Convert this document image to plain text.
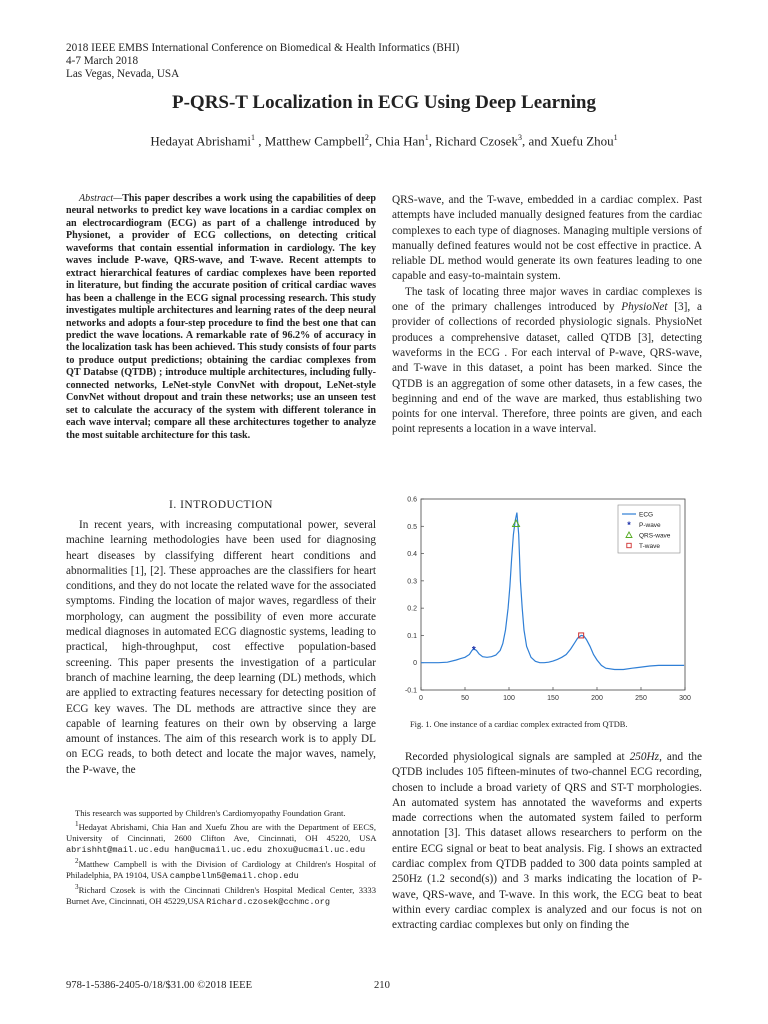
2018 IEEE EMBS International Conference on Biomedical & Health Informatics (BHI)
4-7 March 2018
Las Vegas, Nevada, USA
P-QRS-T Localization in ECG Using Deep Learning
Hedayat Abrishami$^1$ , Matthew Campbell$^2$, Chia Han$^1$, Richard Czosek$^3$, and Xuefu Zhou$^1$
Abstract—This paper describes a work using the capabilities of deep neural networks to predict key wave locations in a cardiac complex on an electrocardiogram (ECG) as part of a challenge introduced by Physionet, a provider of ECG collections, on detecting critical waveforms that contain essential information in cardiology. The key waves include P-wave, QRS-wave, and T-wave. Recent attempts to extract hierarchical features of cardiac complexes have been reported in literature, but finding the accurate position of critical cardiac waves has been a challenge in the ECG signal processing research. This study investigates multiple architectures and learning rates of the deep neural networks and adopts a four-step procedure to find the best one that can predict the wave locations. A remarkable rate of 96.2% of accuracy in the localization task has been achieved. This study consists of four parts to produce output predictions; obtaining the cardiac complexes from QT Databse (QTDB) ; introduce multiple architectures, including fully-connected networks, LeNet-style ConvNet with dropout, LeNet-style ConvNet without dropout and train these networks; use an unseen test set to calculate the accuracy of the system with different tolerance in each wave interval; compare all these architectures together to analyze the most suitable architecture for this task.
I. INTRODUCTION

In recent years, with increasing computational power, several machine learning methodologies have been used for diagnosing heart diseases by classifying different heart conditions and abnormalities [1], [2]. These approaches are the classifiers for heart conditions, and they do not locate the related wave for the associated symptoms. Finding the location of major waves, regardless of their morphology, can augment the possibility of even more accurate medical diagnoses in automated ECG diagnostic systems, leading to practical, high-throughput, cost effective population-based screening. This paper presents the investigation of a particular branch of machine learning, the deep learning (DL) methods, which are applied to extracting features necessary for detecting position of ECG key waves. The DL methods are attractive since they are capable of learning features on their own by observing a large amount of instances. The aim of this research work is to apply DL on ECG reads, to both detect and locate the major waves, namely, the P-wave, the

This research was supported by Children's Cardiomyopathy Foundation Grant.

$^1$Hedayat Abrishami, Chia Han and Xuefu Zhou are with the Department of EECS, University of Cincinnati, 2600 Clifton Ave, Cincinnati, OH 45220, USA abrishht@mail.uc.edu han@ucmail.uc.edu zhoxu@ucmail.uc.edu

$^2$Matthew Campbell is with the Division of Cardiology at Children's Hospital of Philadelphia, PA 19104, USA campbellm5@email.chop.edu

$^3$Richard Czosek is with the Cincinnati Children's Hospital Medical Center, 3333 Burnet Ave, Cincinnati, OH 45229,USA Richard.czosek@cchmc.org

QRS-wave, and the T-wave, embedded in a cardiac complex. Past attempts have included manually designed features from the cardiac complexes to each type of diagnoses. Managing multiple versions of manually defined features would not be cost effective in practice. A reliable DL method would generate its own features leading to one capable and easy-to-maintain system.

The task of locating three major waves in cardiac complexes is one of the primary challenges introduced by PhysioNet [3], a provider of collections of recorded physiologic signals. PhysioNet produces a comprehensive dataset, called QTDB [3], detecting waveforms in the ECG . For each interval of P-wave, QRS-wave, and T-wave in this dataset, a point has been marked. Since the QTDB is an aggregation of some other datasets, in a few cases, the beginning and end of the wave are marked, thus establishing two points for one interval. Therefore, three points are given, and each point represents a location in a wave interval.

0	50	100	150	200	250	300
-0.1
0
0.1
0.2
0.3
0.4
0.5
0.6
*
ECG
* P-wave
QRS-wave
T-wave
Fig. 1. One instance of a cardiac complex extracted from QTDB.

Recorded physiological signals are sampled at 250Hz, and the QTDB includes 105 fifteen-minutes of two-channel ECG recording, chosen to include a broad variety of QRS and ST-T morphologies. An automated system has annotated the waveforms and experts made corrections when the automated system failed to perform annotation [3]. This dataset allows researchers to perform on the entire ECG signal or beat to beat analysis. Fig. I shows an extracted cardiac complex from QTDB padded to 300 data points sampled at 250Hz (1.2 second(s)) and 3 marks indicating the location of P-wave, QRS-wave, and T-wave. In this work, the ECG beat to beat within every cardiac complex is analyzed and our focus is not on extracting cardiac complexes but only on finding the

978-1-5386-2405-0/18/$31.00 ©2018 IEEE	210
